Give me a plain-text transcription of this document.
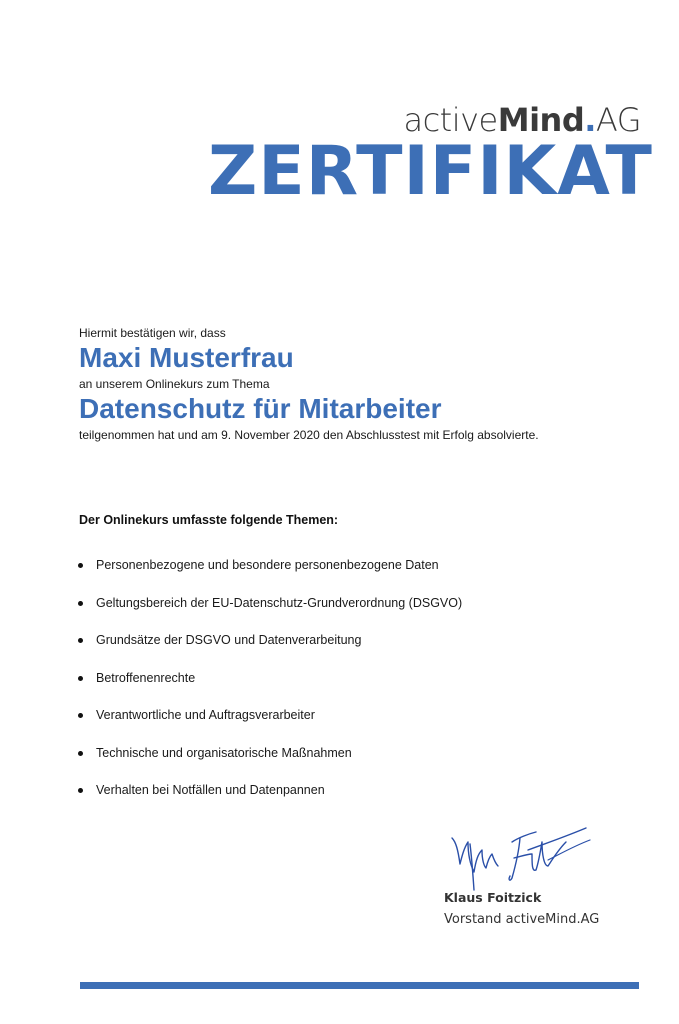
activeMind.AG
ZERTIFIKAT
Hiermit bestätigen wir, dass
Maxi Musterfrau
an unserem Onlinekurs zum Thema
Datenschutz für Mitarbeiter
teilgenommen hat und am 9. November 2020 den Abschlusstest mit Erfolg absolvierte.
Der Onlinekurs umfasste folgende Themen:
Personenbezogene und besondere personenbezogene Daten
Geltungsbereich der EU-Datenschutz-Grundverordnung (DSGVO)
Grundsätze der DSGVO und Datenverarbeitung
Betroffenenrechte
Verantwortliche und Auftragsverarbeiter
Technische und organisatorische Maßnahmen
Verhalten bei Notfällen und Datenpannen
Klaus Foitzick
Vorstand activeMind.AG
